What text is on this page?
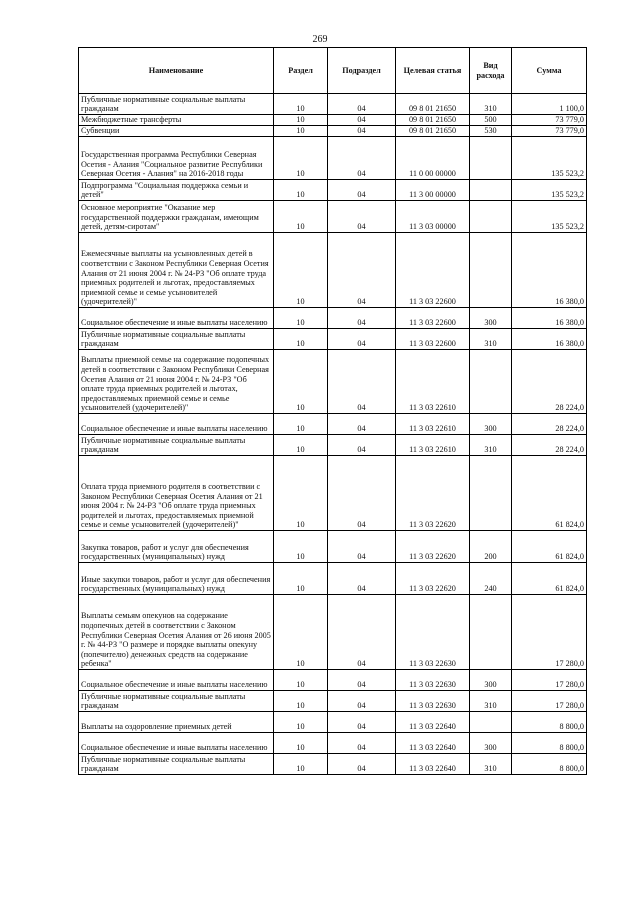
269
Наименование	Раздел	Подраздел	Целевая статья	Вид расхода	Сумма
Публичные нормативные социальные выплаты гражданам	10	04	09 8 01 21650	310	1 100,0
Межбюджетные трансферты	10	04	09 8 01 21650	500	73 779,0
Субвенции	10	04	09 8 01 21650	530	73 779,0
Государственная программа Республики Северная Осетия - Алания "Социальное развитие Республики Северная Осетия - Алания" на 2016-2018 годы	10	04	11 0 00 00000		135 523,2
Подпрограмма "Социальная поддержка семьи и детей"	10	04	11 3 00 00000		135 523,2
Основное мероприятие "Оказание мер государственной поддержки гражданам, имеющим детей, детям-сиротам"	10	04	11 3 03 00000		135 523,2
Ежемесячные выплаты на усыновленных детей в соответствии с Законом Республики Северная Осетия Алания от 21 июня 2004 г. № 24-РЗ "Об оплате труда приемных родителей и льготах, предоставляемых приемной семье и семье усыновителей (удочерителей)"	10	04	11 3 03 22600		16 380,0
Социальное обеспечение и иные выплаты населению	10	04	11 3 03 22600	300	16 380,0
Публичные нормативные социальные выплаты гражданам	10	04	11 3 03 22600	310	16 380,0
Выплаты приемной семье на содержание подопечных детей в соответствии с Законом Республики Северная Осетия Алания от 21 июня 2004 г. № 24-РЗ "Об оплате труда приемных родителей и льготах, предоставляемых приемной семье и семье усыновителей (удочерителей)"	10	04	11 3 03 22610		28 224,0
Социальное обеспечение и иные выплаты населению	10	04	11 3 03 22610	300	28 224,0
Публичные нормативные социальные выплаты гражданам	10	04	11 3 03 22610	310	28 224,0
Оплата труда приемного родителя в соответствии с Законом Республики Северная Осетия Алания от 21 июня 2004 г. № 24-РЗ "Об оплате труда приемных родителей и льготах, предоставляемых приемной семье и семье усыновителей (удочерителей)"	10	04	11 3 03 22620		61 824,0
Закупка товаров, работ и услуг для обеспечения государственных (муниципальных) нужд	10	04	11 3 03 22620	200	61 824,0
Иные закупки товаров, работ и услуг для обеспечения государственных (муниципальных) нужд	10	04	11 3 03 22620	240	61 824,0
Выплаты семьям опекунов на содержание подопечных детей в соответствии с Законом Республики Северная Осетия Алания от 26 июня 2005 г. № 44-РЗ "О размере и порядке выплаты опекуну (попечителю) денежных средств на содержание ребенка"	10	04	11 3 03 22630		17 280,0
Социальное обеспечение и иные выплаты населению	10	04	11 3 03 22630	300	17 280,0
Публичные нормативные социальные выплаты гражданам	10	04	11 3 03 22630	310	17 280,0
Выплаты на оздоровление приемных детей	10	04	11 3 03 22640		8 800,0
Социальное обеспечение и иные выплаты населению	10	04	11 3 03 22640	300	8 800,0
Публичные нормативные социальные выплаты гражданам	10	04	11 3 03 22640	310	8 800,0
